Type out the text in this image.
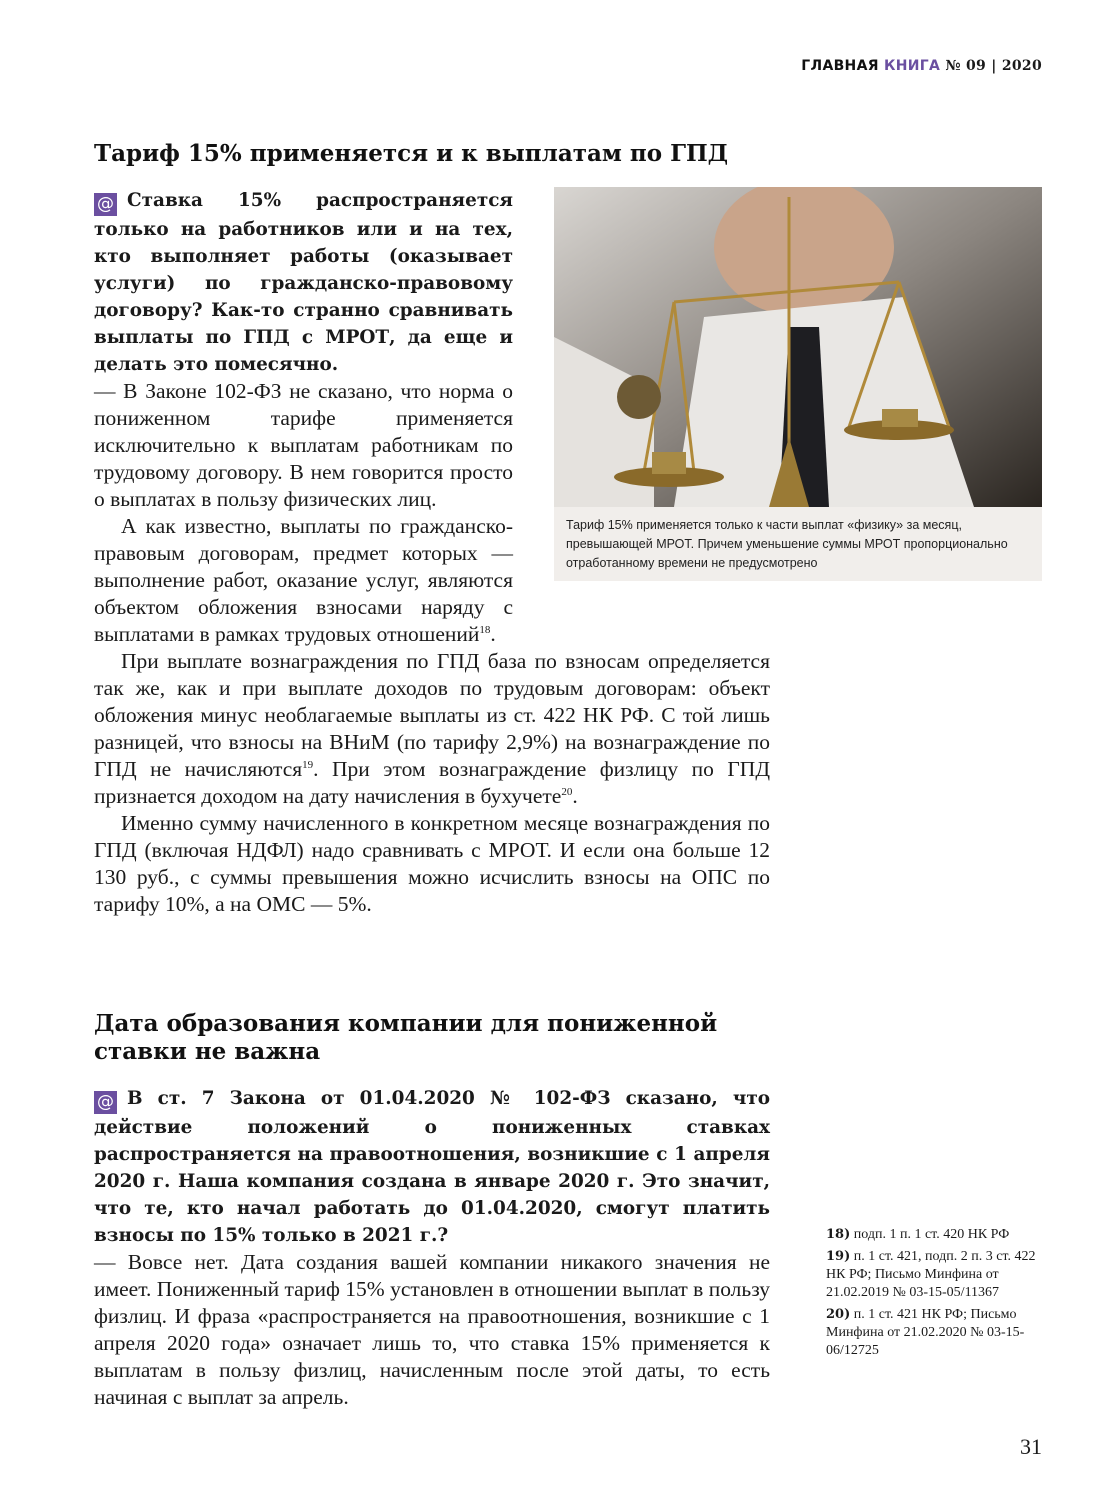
ГЛАВНАЯ КНИГА № 09 | 2020
Тариф 15% применяется и к выплатам по ГПД
Тариф 15% применяется только к части выплат «физику» за месяц, превышающей МРОТ. Причем уменьшение суммы МРОТ пропорционально отработанному времени не предусмотрено

@ Ставка 15% распространяется только на работников или и на тех, кто выполняет работы (оказывает услуги) по гражданско-правовому договору? Как-то странно сравнивать выплаты по ГПД с МРОТ, да еще и делать это помесячно.

— В Законе 102-ФЗ не сказано, что норма о пониженном тарифе применяется исключительно к выплатам работникам по трудовому договору. В нем говорится просто о выплатах в пользу физических лиц.

А как известно, выплаты по гражданско-правовым договорам, предмет которых — выполнение работ, оказание услуг, являются объектом обложения взносами наряду с выплатами в рамках трудовых отношений$^{18}$.

При выплате вознаграждения по ГПД база по взносам определяется так же, как и при выплате доходов по трудовым договорам: объект обложения минус необлагаемые выплаты из ст. 422 НК РФ. С той лишь разницей, что взносы на ВНиМ (по тарифу 2,9%) на вознаграждение по ГПД не начисляются$^{19}$. При этом вознаграждение физлицу по ГПД признается доходом на дату начисления в бухучете$^{20}$.

Именно сумму начисленного в конкретном месяце вознаграждения по ГПД (включая НДФЛ) надо сравнивать с МРОТ. И если она больше 12 130 руб., с суммы превышения можно исчислить взносы на ОПС по тарифу 10%, а на ОМС — 5%.

Дата образования компании для пониженной ставки не важна

@ В ст. 7 Закона от 01.04.2020 № 102-ФЗ сказано, что действие положений о пониженных ставках распространяется на правоотношения, возникшие с 1 апреля 2020 г. Наша компания создана в январе 2020 г. Это значит, что те, кто начал работать до 01.04.2020, смогут платить взносы по 15% только в 2021 г.?

— Вовсе нет. Дата создания вашей компании никакого значения не имеет. Пониженный тариф 15% установлен в отношении выплат в пользу физлиц. И фраза «распространяется на правоотношения, возникшие с 1 апреля 2020 года» означает лишь то, что ставка 15% применяется к выплатам в пользу физлиц, начисленным после этой даты, то есть начиная с выплат за апрель.

18) подп. 1 п. 1 ст. 420 НК РФ

19) п. 1 ст. 421, подп. 2 п. 3 ст. 422 НК РФ; Письмо Минфина от 21.02.2019 № 03-15-05/11367

20) п. 1 ст. 421 НК РФ; Письмо Минфина от 21.02.2020 № 03-15-06/12725

31
